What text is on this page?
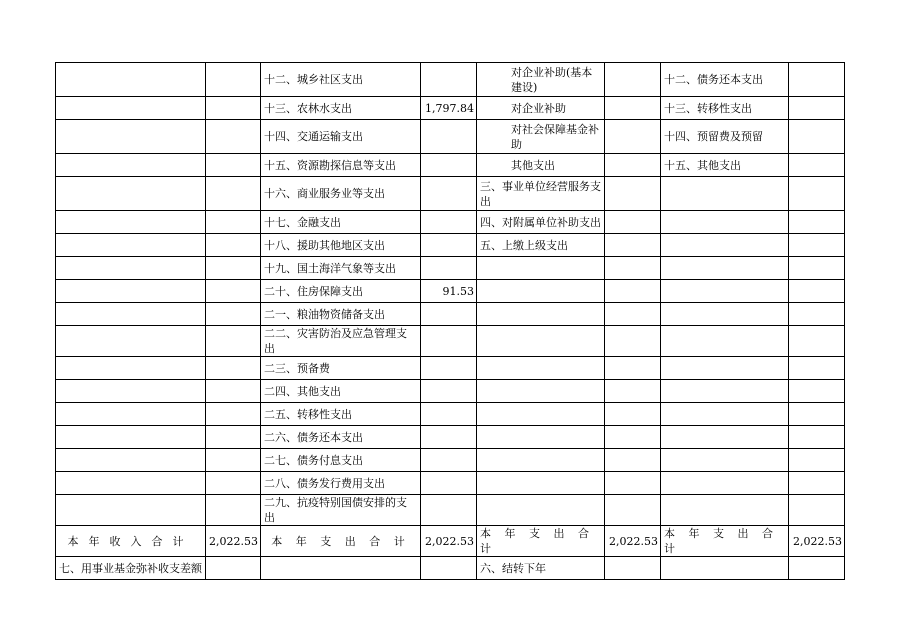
		十二、城乡社区支出		对企业补助(基本建设)		十二、债务还本支出	
		十三、农林水支出	1,797.84	对企业补助		十三、转移性支出	
		十四、交通运输支出		对社会保障基金补助		十四、预留费及预留	
		十五、资源勘探信息等支出		其他支出		十五、其他支出	
		十六、商业服务业等支出		三、事业单位经营服务支出			
		十七、金融支出		四、对附属单位补助支出			
		十八、援助其他地区支出		五、上缴上级支出			
		十九、国土海洋气象等支出					
		二十、住房保障支出	91.53				
		二一、粮油物资储备支出					
		二二、灾害防治及应急管理支出					
		二三、预备费					
		二四、其他支出					
		二五、转移性支出					
		二六、债务还本支出					
		二七、债务付息支出					
		二八、债务发行费用支出					
		二九、抗疫特别国债安排的支出					
本年收入合计	2,022.53	本 年 支 出 合 计	2,022.53	本 年 支 出 合 计	2,022.53	本 年 支 出 合 计	2,022.53
七、用事业基金弥补收支差额				六、结转下年			
